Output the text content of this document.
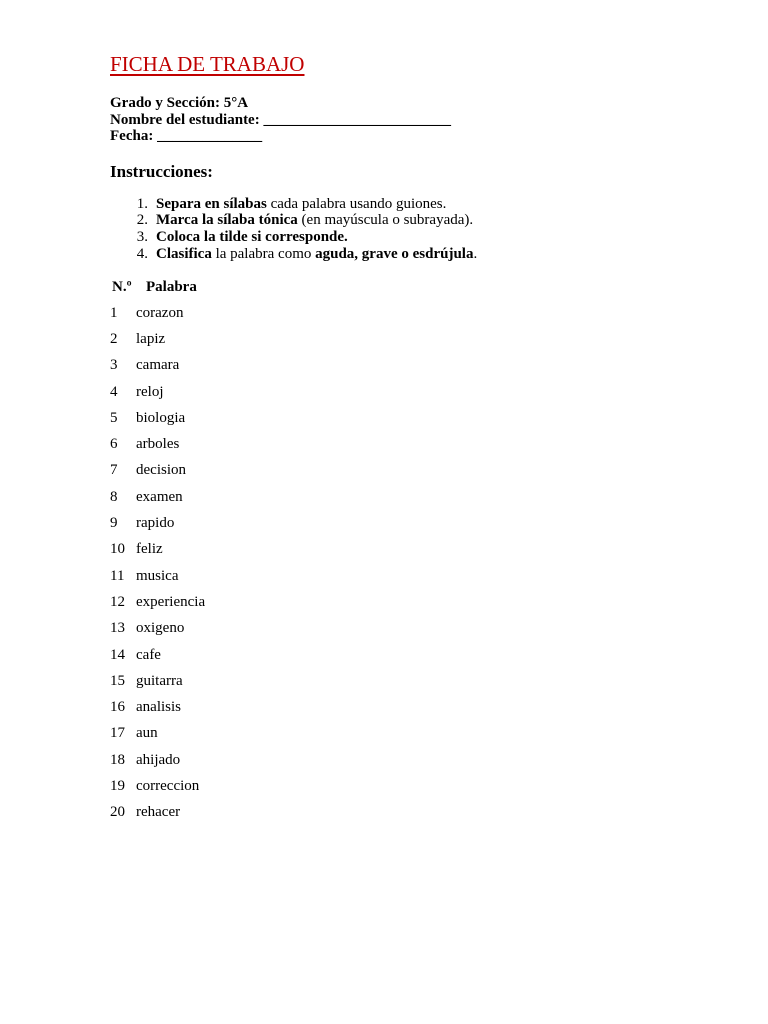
FICHA DE TRABAJO
Grado y Sección: 5°A
Nombre del estudiante: _________________________
Fecha: ______________
Instrucciones:
1. Separa en sílabas cada palabra usando guiones.
2. Marca la sílaba tónica (en mayúscula o subrayada).
3. Coloca la tilde si corresponde.
4. Clasifica la palabra como aguda, grave o esdrújula.
N.º Palabra
1	corazon
2	lapiz
3	camara
4	reloj
5	biologia
6	arboles
7	decision
8	examen
9	rapido
10 feliz
11 musica
12 experiencia
13 oxigeno
14 cafe
15 guitarra
16 analisis
17 aun
18 ahijado
19 correccion
20 rehacer
